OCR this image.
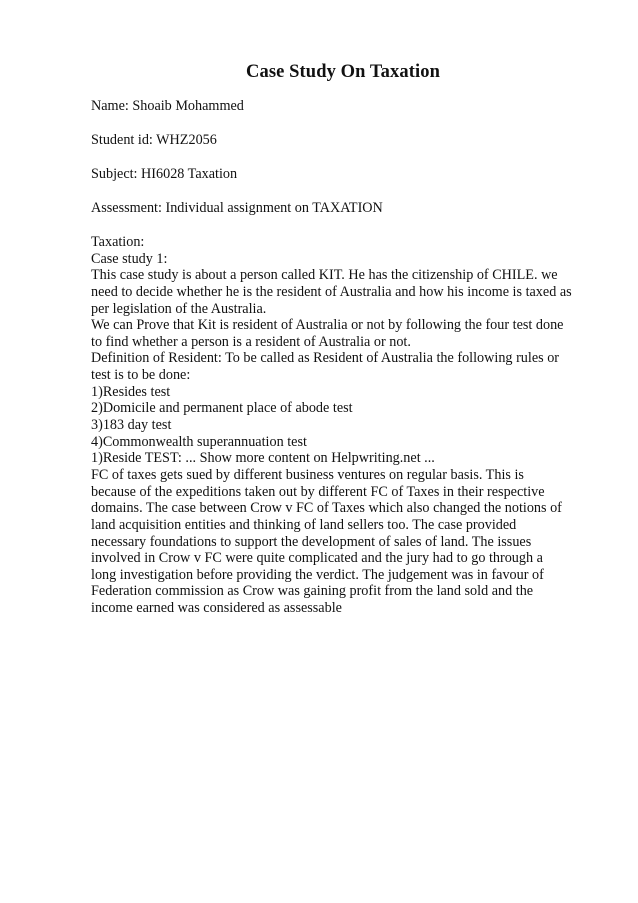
Case Study On Taxation
Name: Shoaib Mohammed
Student id: WHZ2056
Subject: HI6028 Taxation
Assessment: Individual assignment on TAXATION
Taxation:
Case study 1:
This case study is about a person called KIT. He has the citizenship of CHILE. we
need to decide whether he is the resident of Australia and how his income is taxed as
per legislation of the Australia.
We can Prove that Kit is resident of Australia or not by following the four test done
to find whether a person is a resident of Australia or not.
Definition of Resident: To be called as Resident of Australia the following rules or
test is to be done:
1)Resides test
2)Domicile and permanent place of abode test
3)183 day test
4)Commonwealth superannuation test
1)Reside TEST: ... Show more content on Helpwriting.net ...
FC of taxes gets sued by different business ventures on regular basis. This is
because of the expeditions taken out by different FC of Taxes in their respective
domains. The case between Crow v FC of Taxes which also changed the notions of
land acquisition entities and thinking of land sellers too. The case provided
necessary foundations to support the development of sales of land. The issues
involved in Crow v FC were quite complicated and the jury had to go through a
long investigation before providing the verdict. The judgement was in favour of
Federation commission as Crow was gaining profit from the land sold and the
income earned was considered as assessable
